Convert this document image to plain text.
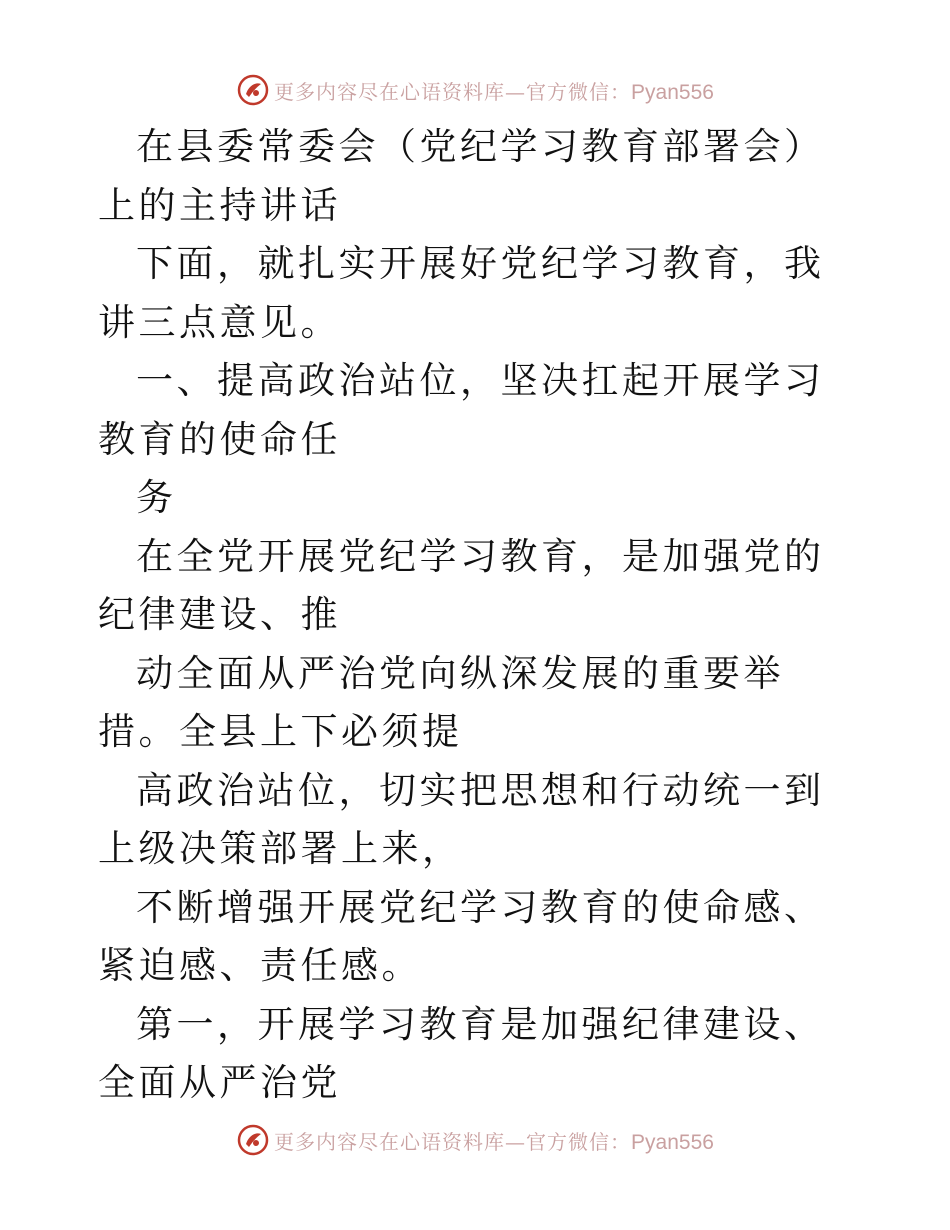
更多内容尽在心语资料库—官方微信：Pyan556

在县委常委会（党纪学习教育部署会）上的主持讲话

下面，就扎实开展好党纪学习教育，我讲三点意见。

一、提高政治站位，坚决扛起开展学习教育的使命任

务

在全党开展党纪学习教育，是加强党的纪律建设、推

动全面从严治党向纵深发展的重要举措。全县上下必须提

高政治站位，切实把思想和行动统一到上级决策部署上来，

不断增强开展党纪学习教育的使命感、紧迫感、责任感。

第一，开展学习教育是加强纪律建设、全面从严治党

更多内容尽在心语资料库—官方微信：Pyan556
